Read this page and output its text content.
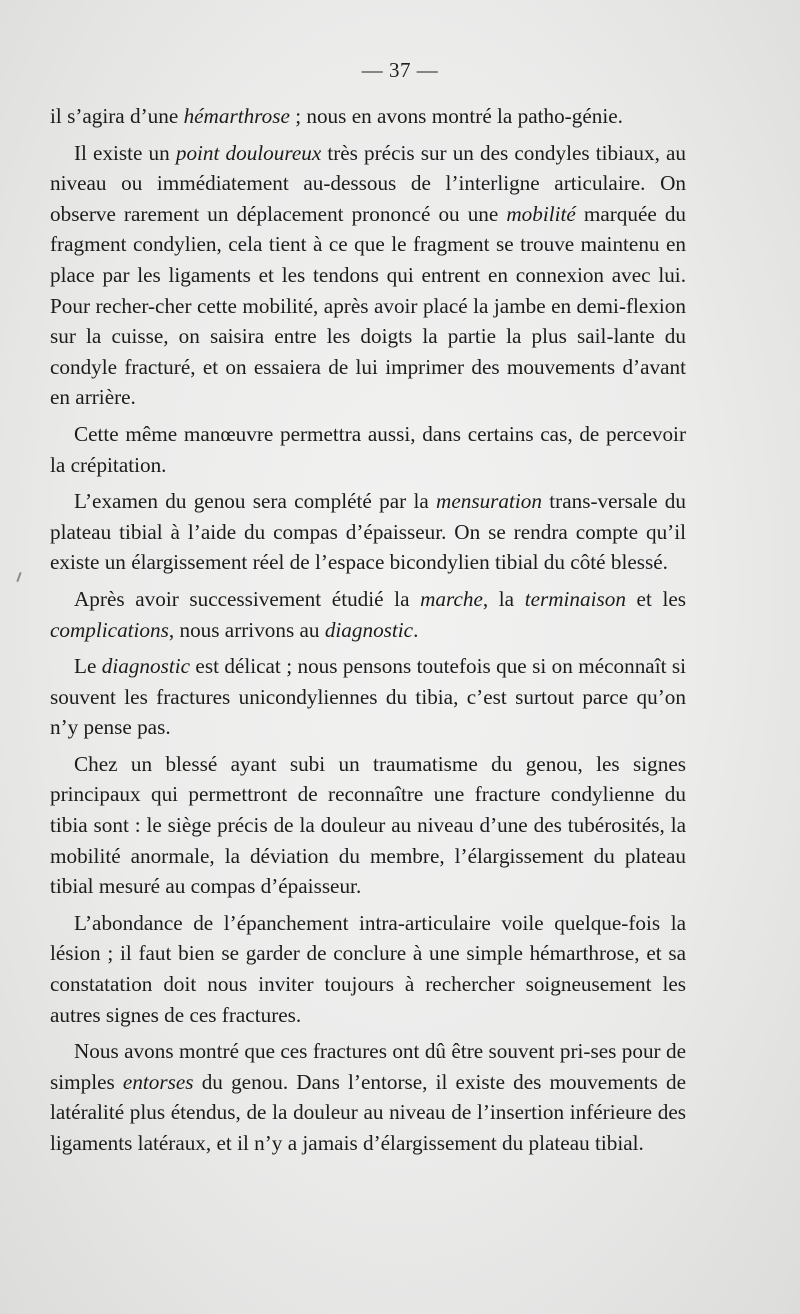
— 37 —

il s’agira d’une hémarthrose ; nous en avons montré la patho-génie.

Il existe un point douloureux très précis sur un des condyles tibiaux, au niveau ou immédiatement au-dessous de l’interligne articulaire. On observe rarement un déplacement prononcé ou une mobilité marquée du fragment condylien, cela tient à ce que le fragment se trouve maintenu en place par les ligaments et les tendons qui entrent en connexion avec lui. Pour recher-cher cette mobilité, après avoir placé la jambe en demi-flexion sur la cuisse, on saisira entre les doigts la partie la plus sail-lante du condyle fracturé, et on essaiera de lui imprimer des mouvements d’avant en arrière.

Cette même manœuvre permettra aussi, dans certains cas, de percevoir la crépitation.

L’examen du genou sera complété par la mensuration trans-versale du plateau tibial à l’aide du compas d’épaisseur. On se rendra compte qu’il existe un élargissement réel de l’espace bicondylien tibial du côté blessé.

Après avoir successivement étudié la marche, la terminaison et les complications, nous arrivons au diagnostic.

Le diagnostic est délicat ; nous pensons toutefois que si on méconnaît si souvent les fractures unicondyliennes du tibia, c’est surtout parce qu’on n’y pense pas.

Chez un blessé ayant subi un traumatisme du genou, les signes principaux qui permettront de reconnaître une fracture condylienne du tibia sont : le siège précis de la douleur au niveau d’une des tubérosités, la mobilité anormale, la déviation du membre, l’élargissement du plateau tibial mesuré au compas d’épaisseur.

L’abondance de l’épanchement intra-articulaire voile quelque-fois la lésion ; il faut bien se garder de conclure à une simple hémarthrose, et sa constatation doit nous inviter toujours à rechercher soigneusement les autres signes de ces fractures.

Nous avons montré que ces fractures ont dû être souvent pri-ses pour de simples entorses du genou. Dans l’entorse, il existe des mouvements de latéralité plus étendus, de la douleur au niveau de l’insertion inférieure des ligaments latéraux, et il n’y a jamais d’élargissement du plateau tibial.
